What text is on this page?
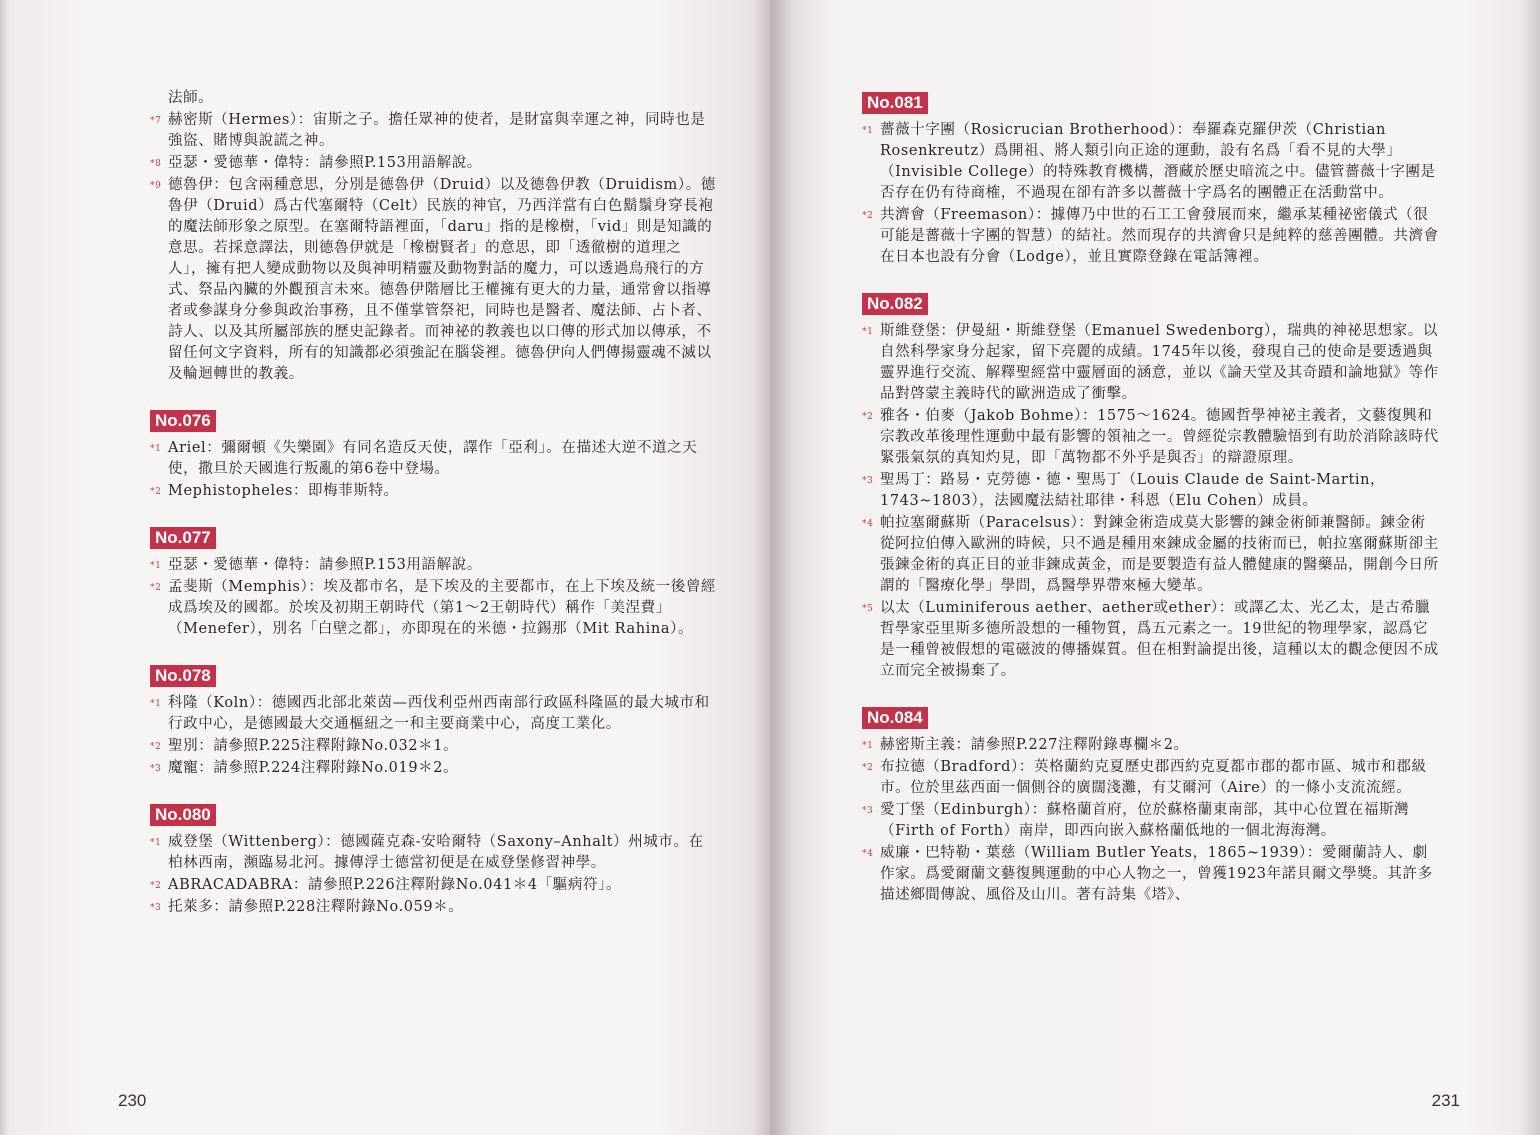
法師。
*7 赫密斯（Hermes）：宙斯之子。擔任眾神的使者，是財富與幸運之神，同時也是強盜、賭博與說謊之神。
*8 亞瑟・愛德華・偉特：請參照P.153用語解說。
*9 德魯伊：包含兩種意思，分別是德魯伊（Druid）以及德魯伊教（Druidism）。德魯伊（Druid）爲古代塞爾特（Celt）民族的神官，乃西洋當有白色鬍鬚身穿長袍的魔法師形象之原型。在塞爾特語裡面，「daru」指的是橡樹，「vid」則是知識的意思。若採意譯法，則德魯伊就是「橡樹賢者」的意思，即「透徹樹的道理之人」，擁有把人變成動物以及與神明精靈及動物對話的魔力，可以透過鳥飛行的方式、祭品內臟的外觀預言未來。德魯伊階層比王權擁有更大的力量，通常會以指導者或參謀身分參與政治事務，且不僅掌管祭祀，同時也是醫者、魔法師、占卜者、詩人、以及其所屬部族的歷史記錄者。而神祕的教義也以口傳的形式加以傳承，不留任何文字資料，所有的知識都必須強記在腦袋裡。德魯伊向人們傳揚靈魂不滅以及輪迴轉世的教義。
No.076
*1 Ariel：彌爾頓《失樂園》有同名造反天使，譯作「亞利」。在描述大逆不道之天使，撒旦於天國進行叛亂的第6卷中登場。
*2 Mephistopheles：即梅菲斯特。
No.077
*1 亞瑟・愛德華・偉特：請參照P.153用語解說。
*2 孟斐斯（Memphis）：埃及都市名，是下埃及的主要都市，在上下埃及統一後曾經成爲埃及的國都。於埃及初期王朝時代（第1～2王朝時代）稱作「美涅費」（Menefer），別名「白壁之都」，亦即現在的米德・拉錫那（Mit Rahina）。
No.078
*1 科隆（Koln）：德國西北部北萊茵—西伐利亞州西南部行政區科隆區的最大城市和行政中心，是德國最大交通樞紐之一和主要商業中心，高度工業化。
*2 聖別：請參照P.225注釋附錄No.032＊1。
*3 魔寵：請參照P.224注釋附錄No.019＊2。
No.080
*1 威登堡（Wittenberg）：德國薩克森-安哈爾特（Saxony–Anhalt）州城市。在柏林西南，瀕臨易北河。據傳浮士德當初便是在威登堡修習神學。
*2 ABRACADABRA：請參照P.226注釋附錄No.041＊4「驅病符」。
*3 托萊多：請參照P.228注釋附錄No.059＊。
230
No.081
*1 薔薇十字團（Rosicrucian Brotherhood）：奉羅森克羅伊茨（Christian Rosenkreutz）爲開祖、將人類引向正途的運動，設有名爲「看不見的大學」（Invisible College）的特殊教育機構，潛藏於歷史暗流之中。儘管薔薇十字團是否存在仍有待商榷，不過現在卻有許多以薔薇十字爲名的團體正在活動當中。
*2 共濟會（Freemason）：據傳乃中世的石工工會發展而來，繼承某種祕密儀式（很可能是薔薇十字團的智慧）的結社。然而現存的共濟會只是純粹的慈善團體。共濟會在日本也設有分會（Lodge），並且實際登錄在電話簿裡。
No.082
*1 斯維登堡：伊曼紐・斯維登堡（Emanuel Swedenborg），瑞典的神祕思想家。以自然科學家身分起家，留下亮麗的成績。1745年以後，發現自己的使命是要透過與靈界進行交流、解釋聖經當中靈層面的涵意，並以《論天堂及其奇蹟和論地獄》等作品對啓蒙主義時代的歐洲造成了衝擊。
*2 雅各・伯麥（Jakob Bohme）：1575～1624。德國哲學神祕主義者，文藝復興和宗教改革後理性運動中最有影響的領袖之一。曾經從宗教體驗悟到有助於消除該時代緊張氣氛的真知灼見，即「萬物都不外乎是與否」的辯證原理。
*3 聖馬丁：路易・克勞德・德・聖馬丁（Louis Claude de Saint-Martin，1743~1803），法國魔法結社耶律・科恩（Elu Cohen）成員。
*4 帕拉塞爾蘇斯（Paracelsus）：對鍊金術造成莫大影響的鍊金術師兼醫師。鍊金術從阿拉伯傳入歐洲的時候，只不過是種用來鍊成金屬的技術而已，帕拉塞爾蘇斯卻主張鍊金術的真正目的並非鍊成黃金，而是要製造有益人體健康的醫藥品，開創今日所謂的「醫療化學」學問，爲醫學界帶來極大變革。
*5 以太（Luminiferous aether、aether或ether）：或譯乙太、光乙太，是古希臘哲學家亞里斯多德所設想的一種物質，爲五元素之一。19世紀的物理學家，認爲它是一種曾被假想的電磁波的傳播媒質。但在相對論提出後，這種以太的觀念便因不成立而完全被揚棄了。
No.084
*1 赫密斯主義：請參照P.227注釋附錄專欄＊2。
*2 布拉德（Bradford）：英格蘭約克夏歷史郡西約克夏都市郡的都市區、城市和郡級市。位於里茲西面一個側谷的廣闊淺灘，有艾爾河（Aire）的一條小支流流經。
*3 愛丁堡（Edinburgh）：蘇格蘭首府，位於蘇格蘭東南部，其中心位置在福斯灣（Firth of Forth）南岸，即西向嵌入蘇格蘭低地的一個北海海灣。
*4 威廉・巴特勒・葉慈（William Butler Yeats，1865~1939）：愛爾蘭詩人、劇作家。爲愛爾蘭文藝復興運動的中心人物之一，曾獲1923年諾貝爾文學獎。其許多描述鄉間傳說、風俗及山川。著有詩集《塔》、
231
